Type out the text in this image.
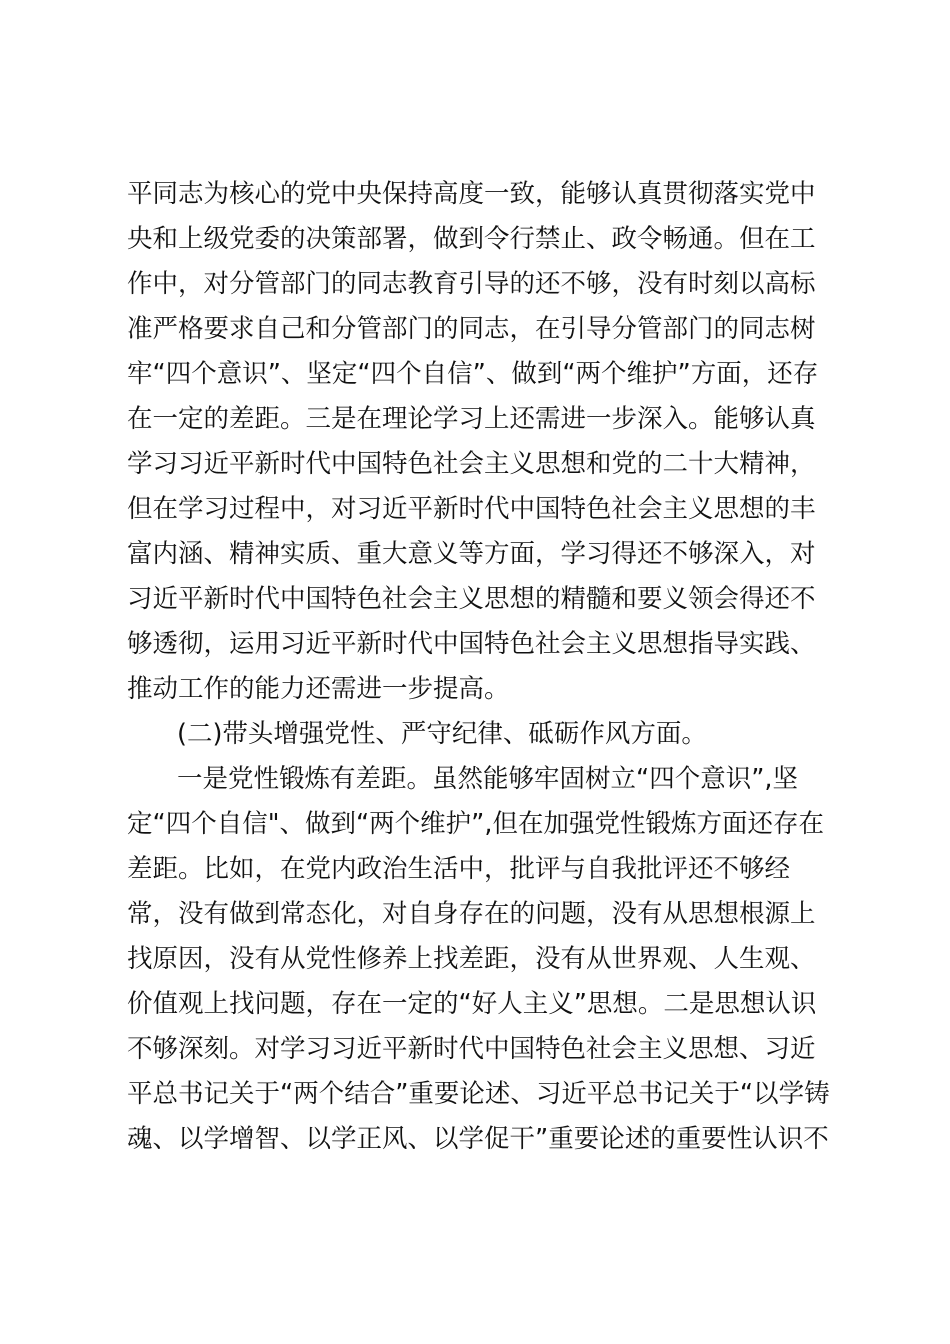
平同志为核心的党中央保持高度一致，能够认真贯彻落实党中
央和上级党委的决策部署，做到令行禁止、政令畅通。但在工
作中，对分管部门的同志教育引导的还不够，没有时刻以高标
准严格要求自己和分管部门的同志，在引导分管部门的同志树
牢“四个意识”、坚定“四个自信”、做到“两个维护”方面，还存
在一定的差距。三是在理论学习上还需进一步深入。能够认真
学习习近平新时代中国特色社会主义思想和党的二十大精神，
但在学习过程中，对习近平新时代中国特色社会主义思想的丰
富内涵、精神实质、重大意义等方面，学习得还不够深入，对
习近平新时代中国特色社会主义思想的精髓和要义领会得还不
够透彻，运用习近平新时代中国特色社会主义思想指导实践、
推动工作的能力还需进一步提高。
(二)带头增强党性、严守纪律、砥砺作风方面。
一是党性锻炼有差距。虽然能够牢固树立“四个意识”,坚
定“四个自信"、做到“两个维护”,但在加强党性锻炼方面还存在
差距。比如，在党内政治生活中，批评与自我批评还不够经
常，没有做到常态化，对自身存在的问题，没有从思想根源上
找原因，没有从党性修养上找差距，没有从世界观、人生观、
价值观上找问题，存在一定的“好人主义”思想。二是思想认识
不够深刻。对学习习近平新时代中国特色社会主义思想、习近
平总书记关于“两个结合”重要论述、习近平总书记关于“以学铸
魂、以学增智、以学正风、以学促干”重要论述的重要性认识不
